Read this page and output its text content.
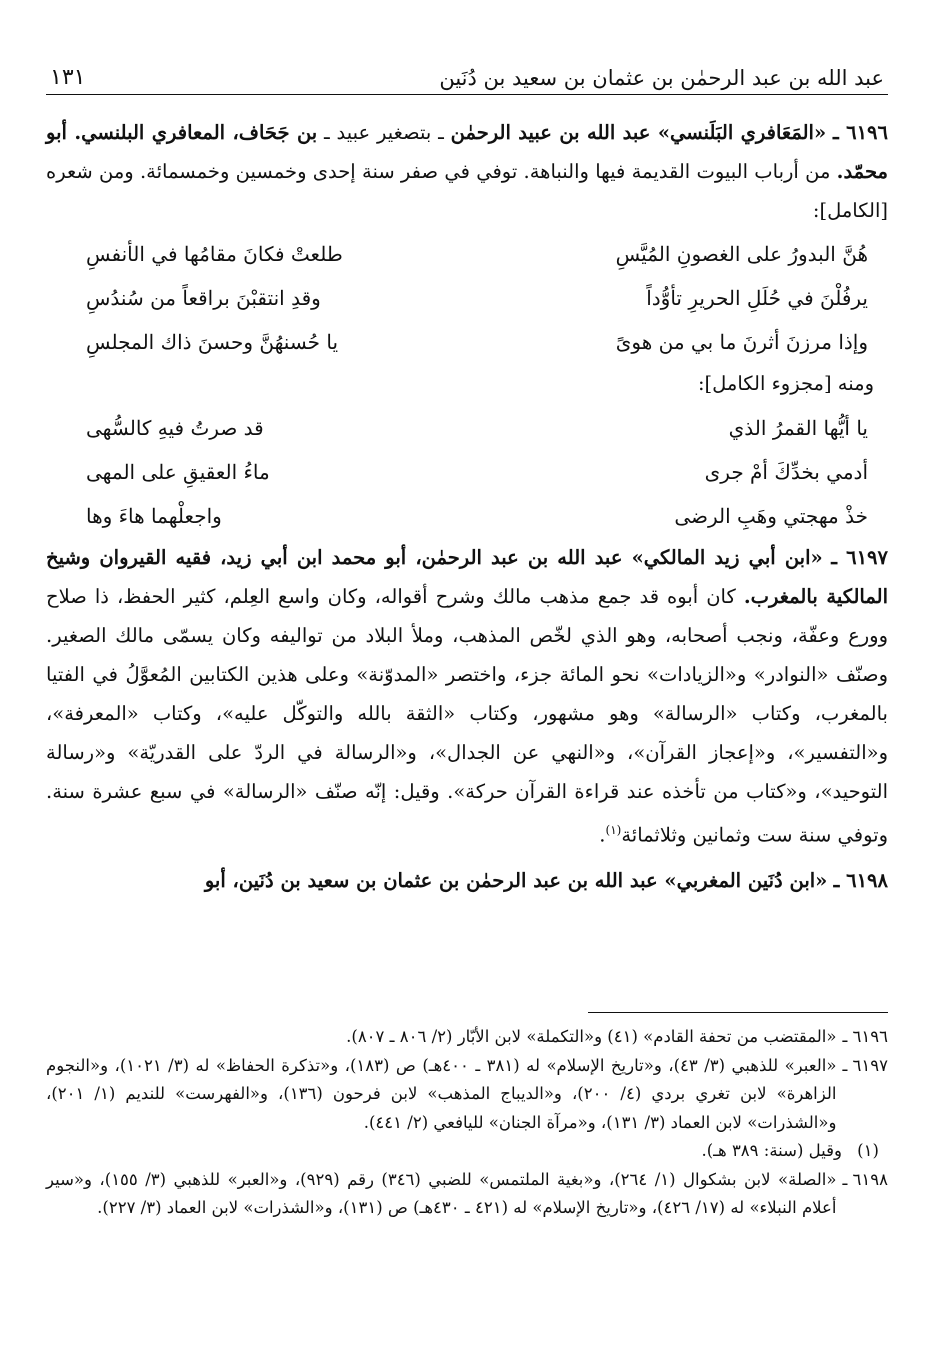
عبد الله بن عبد الرحمٰن بن عثمان بن سعيد بن دُنَين
١٣١

٦١٩٦ ـ «المَعَافري البَلَنسي» عبد الله بن عبيد الرحمٰن ـ بتصغير عبيد ـ بن جَحَاف، المعافري البلنسي. أبو محمّد. من أرباب البيوت القديمة فيها والنباهة. توفي في صفر سنة إحدى وخمسين وخمسمائة. ومن شعره [الكامل]:

هُنَّ البدورُ على الغصونِ المُيَّسِ
طلعتْ فكانَ مقامُها في الأنفسِ
يرفُلْنَ في حُلَلِ الحريرِ تأوُّداً
وقدِ انتقبْنَ براقعاً من سُندُسِ
وإذا مرزنَ أثرنَ ما بي من هوىً
يا حُسنهُنَّ وحسنَ ذاك المجلسِ
ومنه [مجزوء الكامل]:
يا أيُّها القمرُ الذي
قد صرتُ فيهِ كالسُّهى
أدمي بخدِّكَ أمْ جرى
ماءُ العقيقِ على المهى
خذْ مهجتي وهَبِ الرضى
واجعلْهما هاءَ وها

٦١٩٧ ـ «ابن أبي زيد المالكي» عبد الله بن عبد الرحمٰن، أبو محمد ابن أبي زيد، فقيه القيروان وشيخ المالكية بالمغرب. كان أبوه قد جمع مذهب مالك وشرح أقواله، وكان واسع العِلم، كثير الحفظ، ذا صلاح وورع وعفّة، ونجب أصحابه، وهو الذي لخّص المذهب، وملأ البلاد من تواليفه وكان يسمّى مالك الصغير. وصنّف «النوادر» و«الزيادات» نحو المائة جزء، واختصر «المدوّنة» وعلى هذين الكتابين المُعوَّلُ في الفتيا بالمغرب، وكتاب «الرسالة» وهو مشهور، وكتاب «الثقة بالله والتوكّل عليه»، وكتاب «المعرفة»، و«التفسير»، و«إعجاز القرآن»، و«النهي عن الجدال»، و«الرسالة في الردّ على القدريّة» و«رسالة التوحيد»، و«كتاب من تأخذه عند قراءة القرآن حركة». وقيل: إنّه صنّف «الرسالة» في سبع عشرة سنة. وتوفي سنة ست وثمانين وثلاثمائة$^{(١)}$.

٦١٩٨ ـ «ابن دُنَين المغربي» عبد الله بن عبد الرحمٰن بن عثمان بن سعيد بن دُنَين، أبو

٦١٩٦ ـ
«المقتضب من تحفة القادم» (٤١) و«التكملة» لابن الأبّار (٢/ ٨٠٦ ـ ٨٠٧).
٦١٩٧ ـ
«العبر» للذهبي (٣/ ٤٣)، و«تاريخ الإسلام» له (٣٨١ ـ ٤٠٠هـ) ص (١٨٣)، و«تذكرة الحفاظ» له (٣/ ١٠٢١)، و«النجوم الزاهرة» لابن تغري بردي (٤/ ٢٠٠)، و«الديباج المذهب» لابن فرحون (١٣٦)، و«الفهرست» للنديم (١/ ٢٠١)، و«الشذرات» لابن العماد (٣/ ١٣١)، و«مرآة الجنان» لليافعي (٢/ ٤٤١).
(١)
وقيل (سنة: ٣٨٩ هـ).
٦١٩٨ ـ
«الصلة» لابن بشكوال (١/ ٢٦٤)، و«بغية الملتمس» للضبي (٣٤٦) رقم (٩٢٩)، و«العبر» للذهبي (٣/ ١٥٥)، و«سير أعلام النبلاء» له (١٧/ ٤٢٦)، و«تاريخ الإسلام» له (٤٢١ ـ ٤٣٠هـ) ص (١٣١)، و«الشذرات» لابن العماد (٣/ ٢٢٧).
